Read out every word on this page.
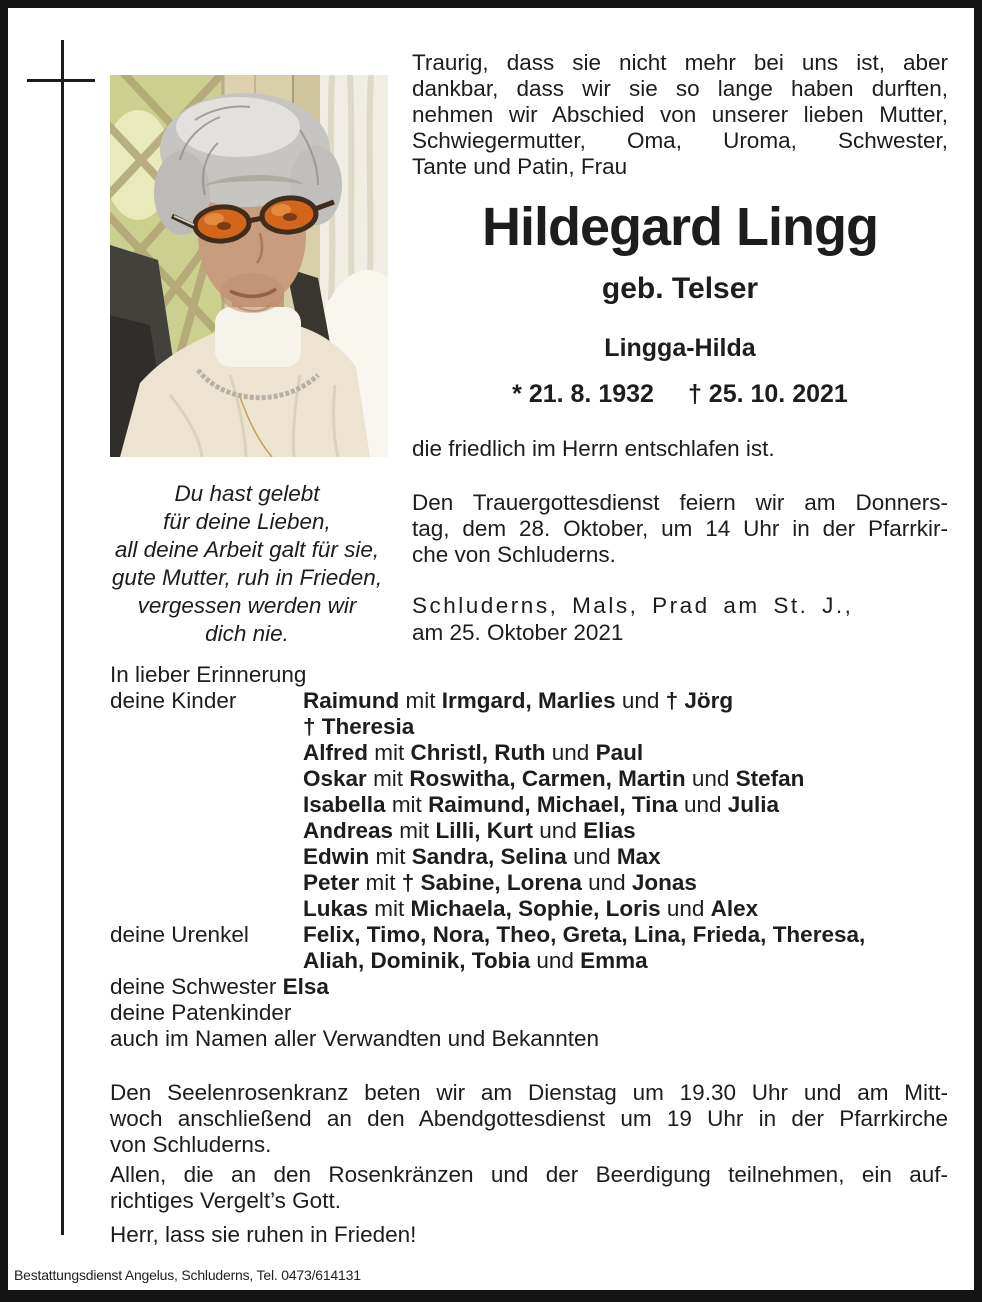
Traurig, dass sie nicht mehr bei uns ist, aber
dankbar, dass wir sie so lange haben durften,
nehmen wir Abschied von unserer lieben Mutter,
Schwiegermutter, Oma, Uroma, Schwester,
Tante und Patin, Frau
Hildegard Lingg
geb. Telser
Lingga-Hilda
* 21. 8. 1932 † 25. 10. 2021
die friedlich im Herrn entschlafen ist.
Den Trauergottesdienst feiern wir am Donners-
tag, dem 28. Oktober, um 14 Uhr in der Pfarrkir-
che von Schluderns.
Schluderns, Mals, Prad am St. J.,
am 25. Oktober 2021
Du hast gelebt
für deine Lieben,
all deine Arbeit galt für sie,
gute Mutter, ruh in Frieden,
vergessen werden wir
dich nie.
In lieber Erinnerung
deine Kinder	Raimund mit Irmgard, Marlies und † Jörg
† Theresia
Alfred mit Christl, Ruth und Paul
Oskar mit Roswitha, Carmen, Martin und Stefan
Isabella mit Raimund, Michael, Tina und Julia
Andreas mit Lilli, Kurt und Elias
Edwin mit Sandra, Selina und Max
Peter mit † Sabine, Lorena und Jonas
Lukas mit Michaela, Sophie, Loris und Alex
deine Urenkel	Felix, Timo, Nora, Theo, Greta, Lina, Frieda, Theresa,
Aliah, Dominik, Tobia und Emma
deine Schwester Elsa
deine Patenkinder
auch im Namen aller Verwandten und Bekannten
Den Seelenrosenkranz beten wir am Dienstag um 19.30 Uhr und am Mitt-
woch anschließend an den Abendgottesdienst um 19 Uhr in der Pfarrkirche
von Schluderns.
Allen, die an den Rosenkränzen und der Beerdigung teilnehmen, ein auf-
richtiges Vergelt’s Gott.
Herr, lass sie ruhen in Frieden!
Bestattungsdienst Angelus, Schluderns, Tel. 0473/614131
